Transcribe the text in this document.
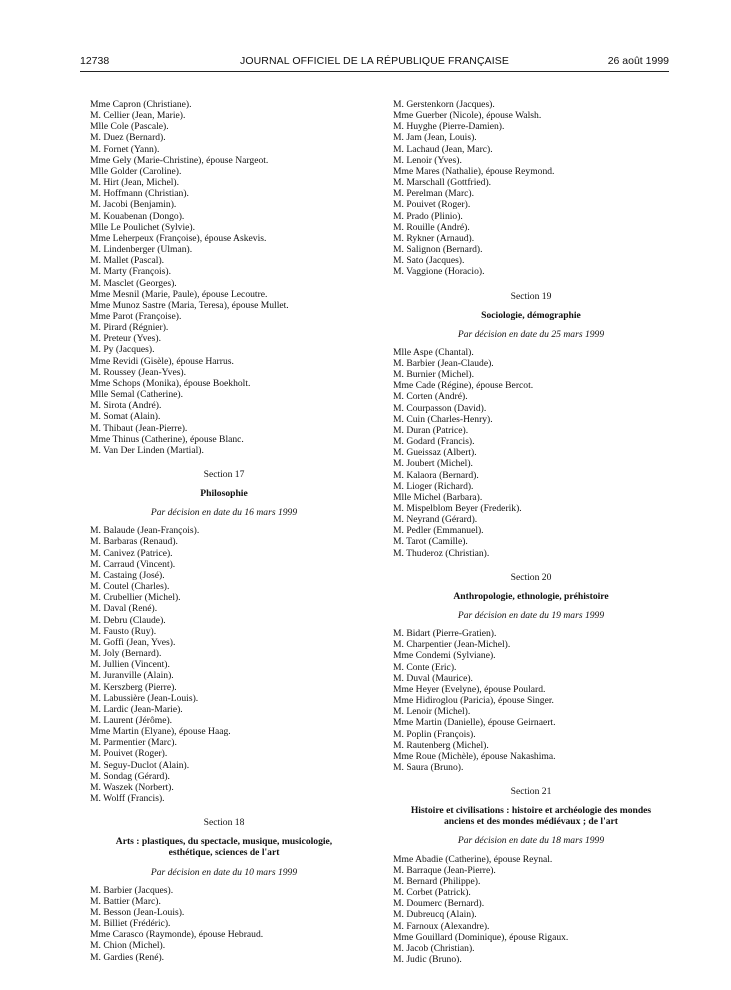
12738	JOURNAL OFFICIEL DE LA RÉPUBLIQUE FRANÇAISE	26 août 1999
Mme Capron (Christiane).
M. Cellier (Jean, Marie).
Mlle Cole (Pascale).
M. Duez (Bernard).
M. Fornet (Yann).
Mme Gely (Marie-Christine), épouse Nargeot.
Mlle Golder (Caroline).
M. Hirt (Jean, Michel).
M. Hoffmann (Christian).
M. Jacobi (Benjamin).
M. Kouabenan (Dongo).
Mlle Le Poulichet (Sylvie).
Mme Leherpeux (Françoise), épouse Askevis.
M. Lindenberger (Ulman).
M. Mallet (Pascal).
M. Marty (François).
M. Masclet (Georges).
Mme Mesnil (Marie, Paule), épouse Lecoutre.
Mme Munoz Sastre (Maria, Teresa), épouse Mullet.
Mme Parot (Françoise).
M. Pirard (Régnier).
M. Preteur (Yves).
M. Py (Jacques).
Mme Revidi (Gisèle), épouse Harrus.
M. Roussey (Jean-Yves).
Mme Schops (Monika), épouse Boekholt.
Mlle Semal (Catherine).
M. Sirota (André).
M. Somat (Alain).
M. Thibaut (Jean-Pierre).
Mme Thinus (Catherine), épouse Blanc.
M. Van Der Linden (Martial).
Section 17
Philosophie
Par décision en date du 16 mars 1999
M. Balaude (Jean-François).
M. Barbaras (Renaud).
M. Canivez (Patrice).
M. Carraud (Vincent).
M. Castaing (José).
M. Coutel (Charles).
M. Crubellier (Michel).
M. Daval (René).
M. Debru (Claude).
M. Fausto (Ruy).
M. Goffi (Jean, Yves).
M. Joly (Bernard).
M. Jullien (Vincent).
M. Juranville (Alain).
M. Kerszberg (Pierre).
M. Labussière (Jean-Louis).
M. Lardic (Jean-Marie).
M. Laurent (Jérôme).
Mme Martin (Elyane), épouse Haag.
M. Parmentier (Marc).
M. Pouivet (Roger).
M. Seguy-Duclot (Alain).
M. Sondag (Gérard).
M. Waszek (Norbert).
M. Wolff (Francis).
Section 18
Arts : plastiques, du spectacle, musique, musicologie, esthétique, sciences de l'art
Par décision en date du 10 mars 1999
M. Barbier (Jacques).
M. Battier (Marc).
M. Besson (Jean-Louis).
M. Billiet (Frédéric).
Mme Carasco (Raymonde), épouse Hebraud.
M. Chion (Michel).
M. Gardies (René).
M. Gerstenkorn (Jacques).
Mme Guerber (Nicole), épouse Walsh.
M. Huyghe (Pierre-Damien).
M. Jam (Jean, Louis).
M. Lachaud (Jean, Marc).
M. Lenoir (Yves).
Mme Mares (Nathalie), épouse Reymond.
M. Marschall (Gottfried).
M. Perelman (Marc).
M. Pouivet (Roger).
M. Prado (Plinio).
M. Rouille (André).
M. Rykner (Arnaud).
M. Salignon (Bernard).
M. Sato (Jacques).
M. Vaggione (Horacio).
Section 19
Sociologie, démographie
Par décision en date du 25 mars 1999
Mlle Aspe (Chantal).
M. Barbier (Jean-Claude).
M. Burnier (Michel).
Mme Cade (Régine), épouse Bercot.
M. Corten (André).
M. Courpasson (David).
M. Cuin (Charles-Henry).
M. Duran (Patrice).
M. Godard (Francis).
M. Gueissaz (Albert).
M. Joubert (Michel).
M. Kalaora (Bernard).
M. Lioger (Richard).
Mlle Michel (Barbara).
M. Mispelblom Beyer (Frederik).
M. Neyrand (Gérard).
M. Pedler (Emmanuel).
M. Tarot (Camille).
M. Thuderoz (Christian).
Section 20
Anthropologie, ethnologie, préhistoire
Par décision en date du 19 mars 1999
M. Bidart (Pierre-Gratien).
M. Charpentier (Jean-Michel).
Mme Condemi (Sylviane).
M. Conte (Eric).
M. Duval (Maurice).
Mme Heyer (Evelyne), épouse Poulard.
Mme Hidiroglou (Paricia), épouse Singer.
M. Lenoir (Michel).
Mme Martin (Danielle), épouse Geirnaert.
M. Poplin (François).
M. Rautenberg (Michel).
Mme Roue (Michèle), épouse Nakashima.
M. Saura (Bruno).
Section 21
Histoire et civilisations : histoire et archéologie des mondes anciens et des mondes médiévaux ; de l'art
Par décision en date du 18 mars 1999
Mme Abadie (Catherine), épouse Reynal.
M. Barraque (Jean-Pierre).
M. Bernard (Philippe).
M. Corbet (Patrick).
M. Doumerc (Bernard).
M. Dubreucq (Alain).
M. Farnoux (Alexandre).
Mme Gouillard (Dominique), épouse Rigaux.
M. Jacob (Christian).
M. Judic (Bruno).
